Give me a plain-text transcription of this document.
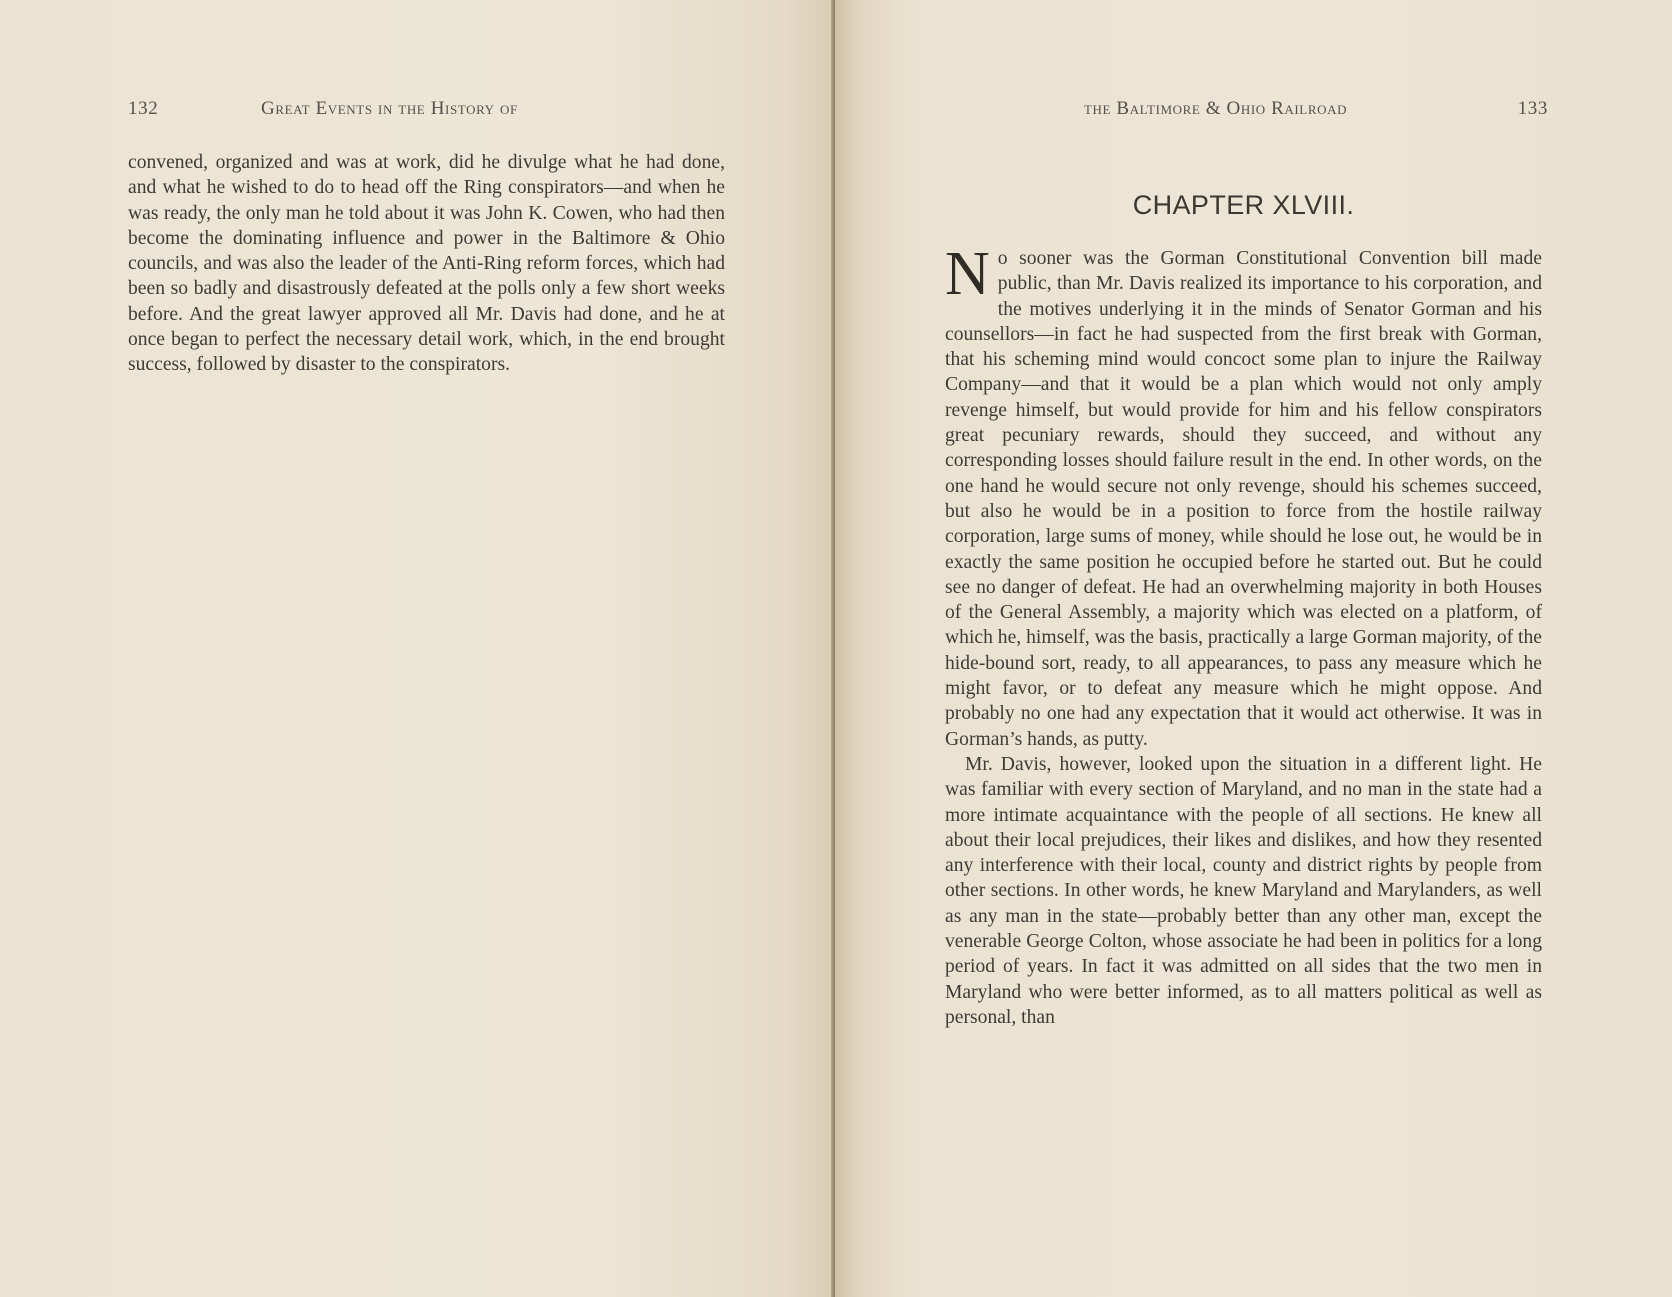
132	Great Events in the History of

convened, organized and was at work, did he divulge what he had done, and what he wished to do to head off the Ring conspirators—and when he was ready, the only man he told about it was John K. Cowen, who had then become the dominating influence and power in the Baltimore & Ohio councils, and was also the leader of the Anti-Ring reform forces, which had been so badly and disastrously defeated at the polls only a few short weeks before. And the great lawyer approved all Mr. Davis had done, and he at once began to perfect the necessary detail work, which, in the end brought success, followed by disaster to the conspirators.

the Baltimore & Ohio Railroad	133
CHAPTER XLVIII.

No sooner was the Gorman Constitutional Convention bill made public, than Mr. Davis realized its importance to his corporation, and the motives underlying it in the minds of Senator Gorman and his counsellors—in fact he had suspected from the first break with Gorman, that his scheming mind would concoct some plan to injure the Railway Company—and that it would be a plan which would not only amply revenge himself, but would provide for him and his fellow conspirators great pecuniary rewards, should they succeed, and without any corresponding losses should failure result in the end. In other words, on the one hand he would secure not only revenge, should his schemes succeed, but also he would be in a position to force from the hostile railway corporation, large sums of money, while should he lose out, he would be in exactly the same position he occupied before he started out. But he could see no danger of defeat. He had an overwhelming majority in both Houses of the General Assembly, a majority which was elected on a platform, of which he, himself, was the basis, practically a large Gorman majority, of the hide-bound sort, ready, to all appearances, to pass any measure which he might favor, or to defeat any measure which he might oppose. And probably no one had any expectation that it would act otherwise. It was in Gorman’s hands, as putty.

Mr. Davis, however, looked upon the situation in a different light. He was familiar with every section of Maryland, and no man in the state had a more intimate acquaintance with the people of all sections. He knew all about their local prejudices, their likes and dislikes, and how they resented any interference with their local, county and district rights by people from other sections. In other words, he knew Maryland and Marylanders, as well as any man in the state—probably better than any other man, except the venerable George Colton, whose associate he had been in politics for a long period of years. In fact it was admitted on all sides that the two men in Maryland who were better informed, as to all matters political as well as personal, than
